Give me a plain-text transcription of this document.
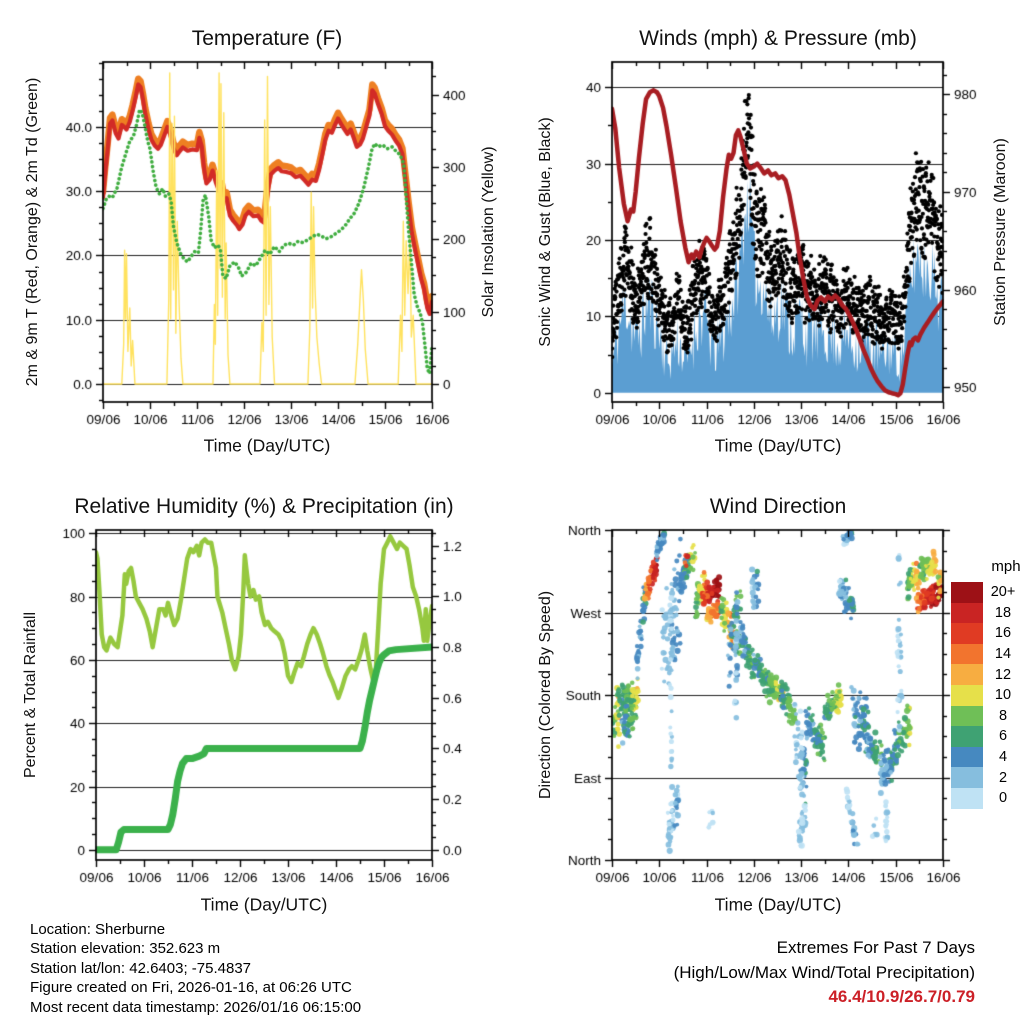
Temperature (F)	Winds (mph) & Pressure (mb)
Relative Humidity (%) & Precipitation (in)	Wind Direction
Time (Day/UTC)	Time (Day/UTC)
Time (Day/UTC)	Time (Day/UTC)
2m & 9m T (Red, Orange) & 2m Td (Green)	Solar Insolation (Yellow)	Sonic Wind & Gust (Blue, Black)	Station Pressure (Maroon)
Percent & Total Rainfall	Direction (Colored By Speed)
mph
20+
18
16
14
12
10
8
6
4
2
0
Location: Sherburne
Station elevation: 352.623 m
Station lat/lon: 42.6403; -75.4837
Figure created on Fri, 2026-01-16, at 06:26 UTC
Most recent data timestamp: 2026/01/16 06:15:00
Extremes For Past 7 Days
(High/Low/Max Wind/Total Precipitation)
46.4/10.9/26.7/0.79
